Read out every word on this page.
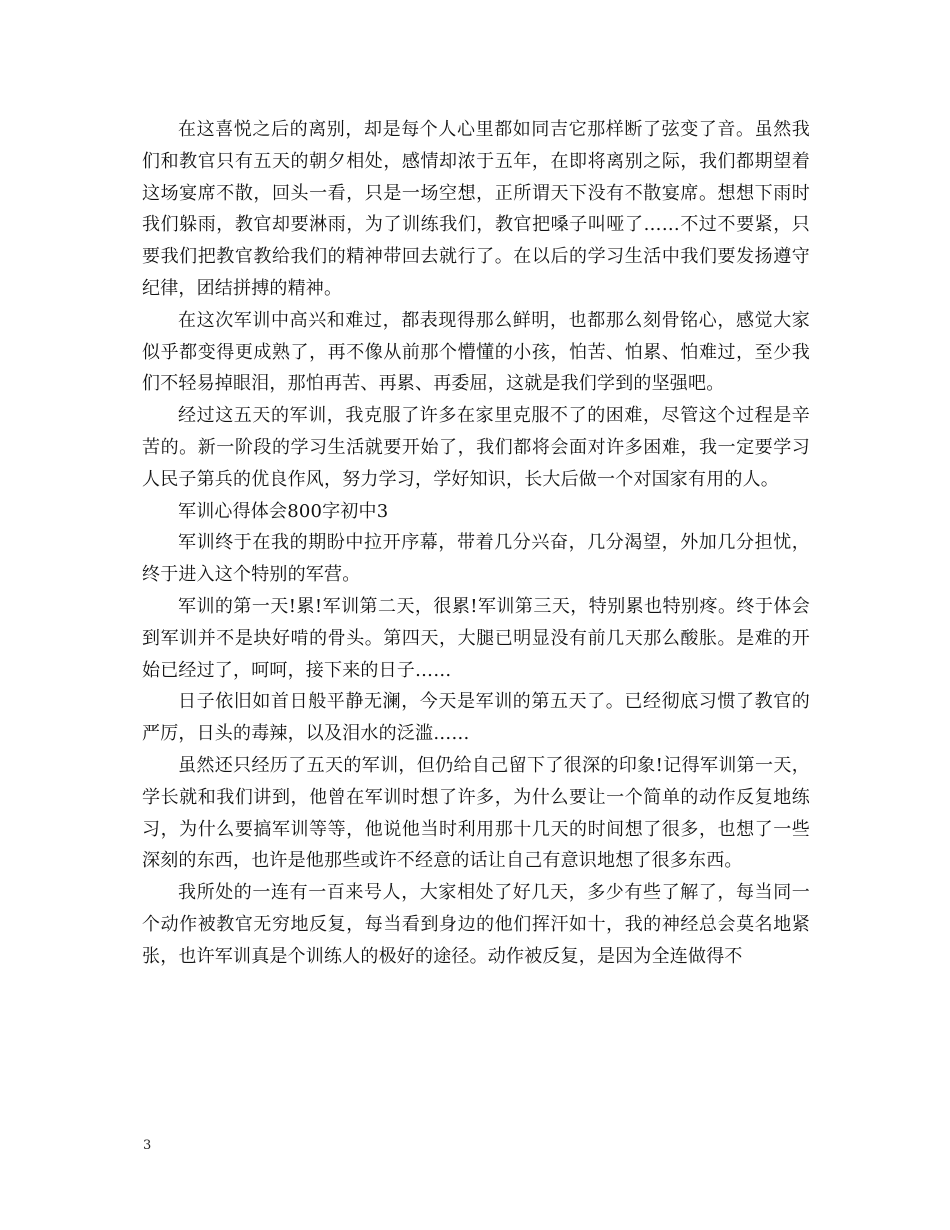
在这喜悦之后的离别，却是每个人心里都如同吉它那样断了弦变了音。虽然我们和教官只有五天的朝夕相处，感情却浓于五年，在即将离别之际，我们都期望着这场宴席不散，回头一看，只是一场空想，正所谓天下没有不散宴席。想想下雨时我们躲雨，教官却要淋雨，为了训练我们，教官把嗓子叫哑了……不过不要紧，只要我们把教官教给我们的精神带回去就行了。在以后的学习生活中我们要发扬遵守纪律，团结拼搏的精神。

在这次军训中高兴和难过，都表现得那么鲜明，也都那么刻骨铭心，感觉大家似乎都变得更成熟了，再不像从前那个懵懂的小孩，怕苦、怕累、怕难过，至少我们不轻易掉眼泪，那怕再苦、再累、再委屈，这就是我们学到的坚强吧。

经过这五天的军训，我克服了许多在家里克服不了的困难，尽管这个过程是辛苦的。新一阶段的学习生活就要开始了，我们都将会面对许多困难，我一定要学习人民子第兵的优良作风，努力学习，学好知识，长大后做一个对国家有用的人。

军训心得体会800字初中3

军训终于在我的期盼中拉开序幕，带着几分兴奋，几分渴望，外加几分担忧，终于进入这个特别的军营。

军训的第一天!累!军训第二天，很累!军训第三天，特别累也特别疼。终于体会到军训并不是块好啃的骨头。第四天，大腿已明显没有前几天那么酸胀。是难的开始已经过了，呵呵，接下来的日子……

日子依旧如首日般平静无澜，今天是军训的第五天了。已经彻底习惯了教官的严厉，日头的毒辣，以及泪水的泛滥……

虽然还只经历了五天的军训，但仍给自己留下了很深的印象!记得军训第一天，学长就和我们讲到，他曾在军训时想了许多，为什么要让一个简单的动作反复地练习，为什么要搞军训等等，他说他当时利用那十几天的时间想了很多，也想了一些深刻的东西，也许是他那些或许不经意的话让自己有意识地想了很多东西。

我所处的一连有一百来号人，大家相处了好几天，多少有些了解了，每当同一个动作被教官无穷地反复，每当看到身边的他们挥汗如十，我的神经总会莫名地紧张，也许军训真是个训练人的极好的途径。动作被反复，是因为全连做得不

3
